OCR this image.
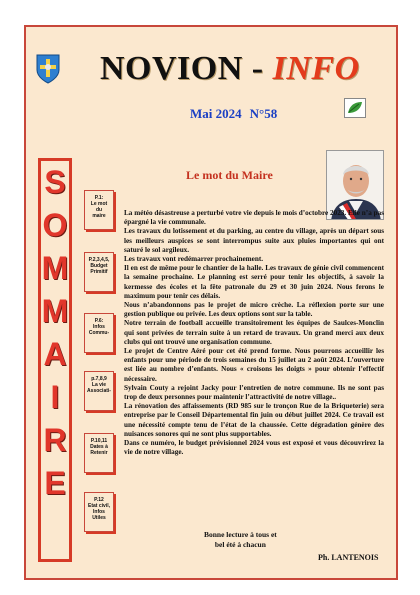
NOVION - INFO
Mai 2024 N°58
S
O
M
M
A
I
R
E
P.1:
Le mot
du
maire
P.2,3,4,5,
Budget
Primitif
P.6:
Infos
Commu-
p.7,8,9
La vie
Associati-
P.10,11
Dates à
Retenir
P.12
Etat civil,
Infos
Utiles
Le mot du Maire

La météo désastreuse a perturbé votre vie depuis le mois d’octobre 2023. Elle n’a pas épargné la vie communale.

Les travaux du lotissement et du parking, au centre du village, après un départ sous les meilleurs auspices se sont interrompus suite aux pluies importantes qui ont saturé le sol argileux.

Les travaux vont redémarrer prochainement.

Il en est de même pour le chantier de la halle. Les travaux de génie civil commencent la semaine prochaine. Le planning est serré pour tenir les objectifs, à savoir la kermesse des écoles et la fête patronale du 29 et 30 juin 2024. Nous ferons le maximum pour tenir ces délais.

Nous n’abandonnons pas le projet de micro crèche. La réflexion porte sur une gestion publique ou privée. Les deux options sont sur la table.

Notre terrain de football accueille transitoirement les équipes de Saulces-Monclin qui sont privées de terrain suite à un retard de travaux. Un grand merci aux deux clubs qui ont trouvé une organisation commune.

Le projet de Centre Aéré pour cet été prend forme. Nous pourrons accueillir les enfants pour une période de trois semaines du 15 juillet au 2 août 2024. L’ouverture est liée au nombre d’enfants. Nous « croisons les doigts » pour obtenir l’effectif nécessaire.

Sylvain Couty a rejoint Jacky pour l’entretien de notre commune. Ils ne sont pas trop de deux personnes pour maintenir l’attractivité de notre village..

La rénovation des affaissements (RD 985 sur le tronçon Rue de la Briqueterie) sera entreprise par le Conseil Départemental fin juin ou début juillet 2024. Ce travail est une nécessité compte tenu de l’état de la chaussée. Cette dégradation génère des nuisances sonores qui ne sont plus supportables.

Dans ce numéro, le budget prévisionnel 2024 vous est exposé et vous découvrirez la vie de notre village.

Bonne lecture à tous et
bel été à chacun
Ph. LANTENOIS
